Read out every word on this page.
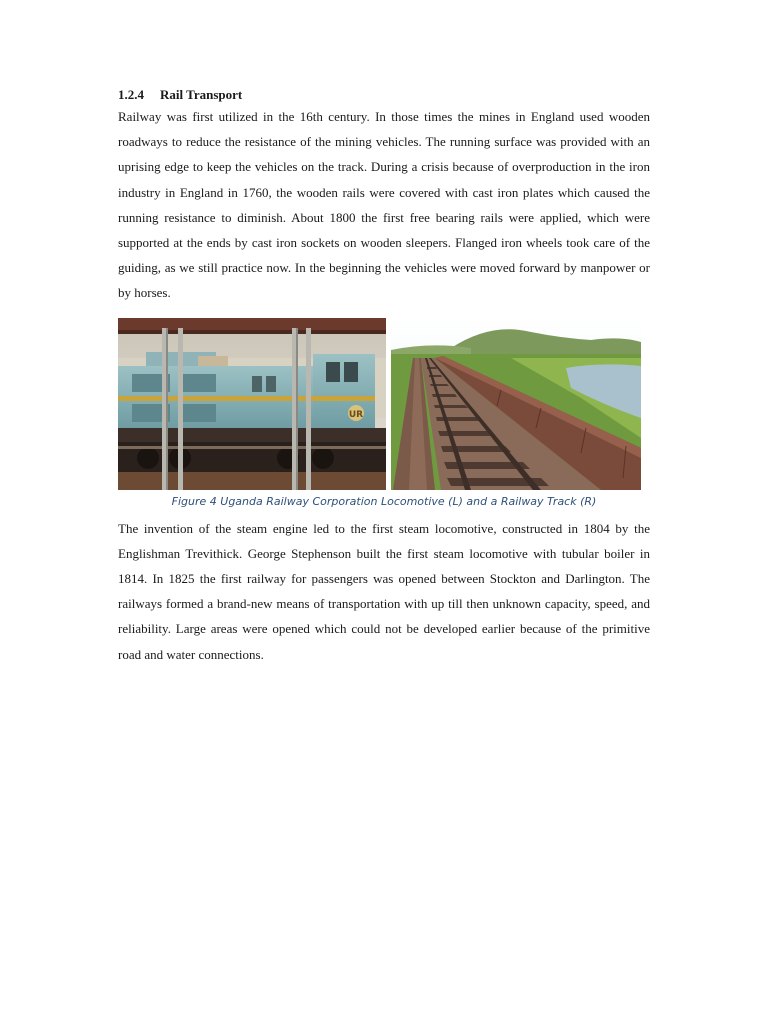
1.2.4	Rail Transport

Railway was first utilized in the 16th century. In those times the mines in England used wooden roadways to reduce the resistance of the mining vehicles. The running surface was provided with an uprising edge to keep the vehicles on the track. During a crisis because of overproduction in the iron industry in England in 1760, the wooden rails were covered with cast iron plates which caused the running resistance to diminish. About 1800 the first free bearing rails were applied, which were supported at the ends by cast iron sockets on wooden sleepers. Flanged iron wheels took care of the guiding, as we still practice now. In the beginning the vehicles were moved forward by manpower or by horses.

UR

Figure 4 Uganda Railway Corporation Locomotive (L) and a Railway Track (R)

The invention of the steam engine led to the first steam locomotive, constructed in 1804 by the Englishman Trevithick. George Stephenson built the first steam locomotive with tubular boiler in 1814. In 1825 the first railway for passengers was opened between Stockton and Darlington. The railways formed a brand-new means of transportation with up till then unknown capacity, speed, and reliability. Large areas were opened which could not be developed earlier because of the primitive road and water connections.
